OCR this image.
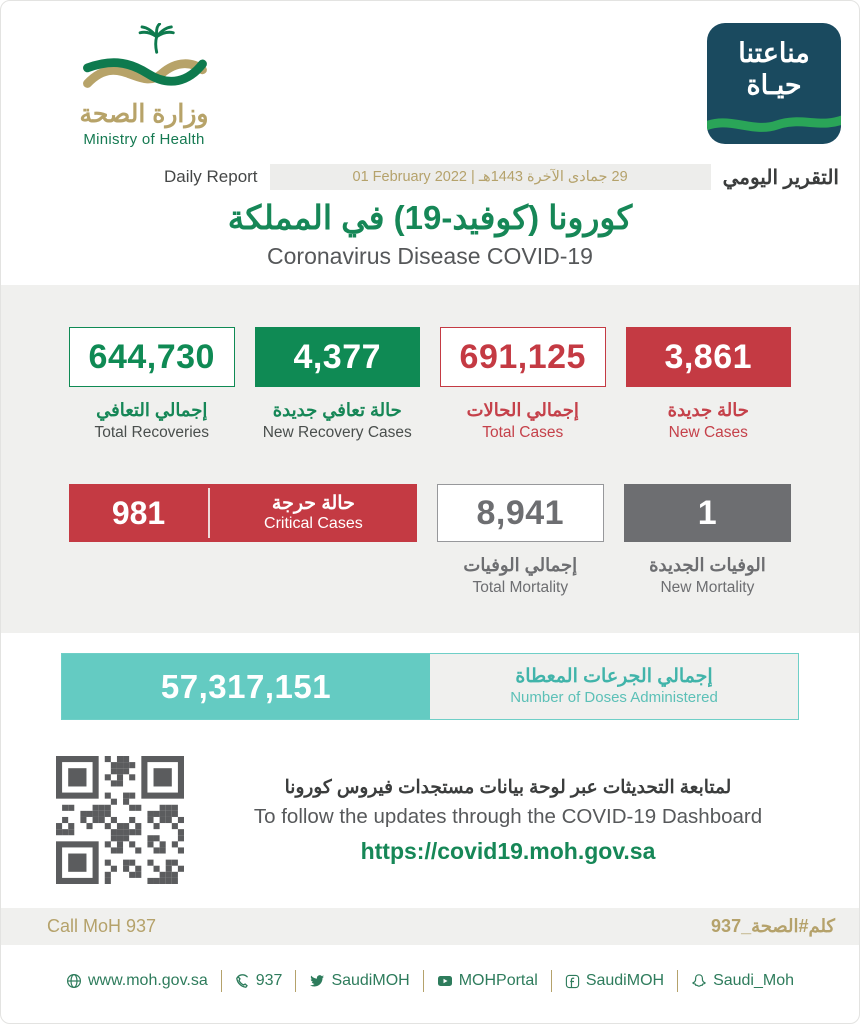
وزارة الصحة
Ministry of Health
مناعتنا
حيـاة
Daily Report	29 جمادى الآخرة 1443هـ | 01 February 2022	التقرير اليومي
كورونا (كوفيد-19) في المملكة
Coronavirus Disease COVID-19
644,730
إجمالي التعافي
Total Recoveries
4,377
حالة تعافي جديدة
New Recovery Cases
691,125
إجمالي الحالات
Total Cases
3,861
حالة جديدة
New Cases
981	حالة حرجة
Critical Cases	8,941
إجمالي الوفيات
Total Mortality
1
الوفيات الجديدة
New Mortality
57,317,151	إجمالي الجرعات المعطاة
Number of Doses Administered
لمتابعة التحديثات عبر لوحة بيانات مستجدات فيروس كورونا
To follow the updates through the COVID-19 Dashboard
https://covid19.moh.gov.sa
Call MoH 937	كلم#الصحة_937
www.moh.gov.sa	937	SaudiMOH	MOHPortal	SaudiMOH	Saudi_Moh
